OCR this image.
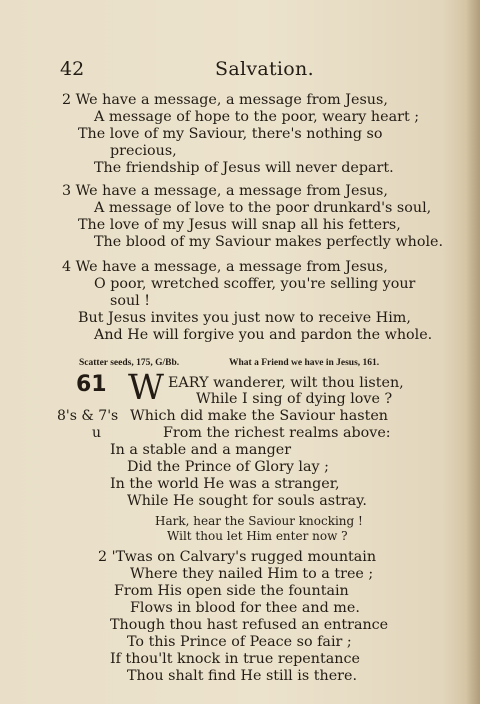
42	Salvation.
2 We have a message, a message from Jesus,
A message of hope to the poor, weary heart ;
The love of my Saviour, there's nothing so
precious,
The friendship of Jesus will never depart.
3 We have a message, a message from Jesus,
A message of love to the poor drunkard's soul,
The love of my Jesus will snap all his fetters,
The blood of my Saviour makes perfectly whole.
4 We have a message, a message from Jesus,
O poor, wretched scoffer, you're selling your
soul !
But Jesus invites you just now to receive Him,
And He will forgive you and pardon the whole.
Scatter seeds, 175, G/Bb.	What a Friend we have in Jesus, 161.
61 W EARY wanderer, wilt thou listen,
8's & 7's
u
While I sing of dying love ?
Which did make the Saviour hasten
From the richest realms above:
In a stable and a manger
Did the Prince of Glory lay ;
In the world He was a stranger,
While He sought for souls astray.
Hark, hear the Saviour knocking !
Wilt thou let Him enter now ?
2 'Twas on Calvary's rugged mountain
Where they nailed Him to a tree ;
From His open side the fountain
Flows in blood for thee and me.
Though thou hast refused an entrance
To this Prince of Peace so fair ;
If thou'lt knock in true repentance
Thou shalt find He still is there.
